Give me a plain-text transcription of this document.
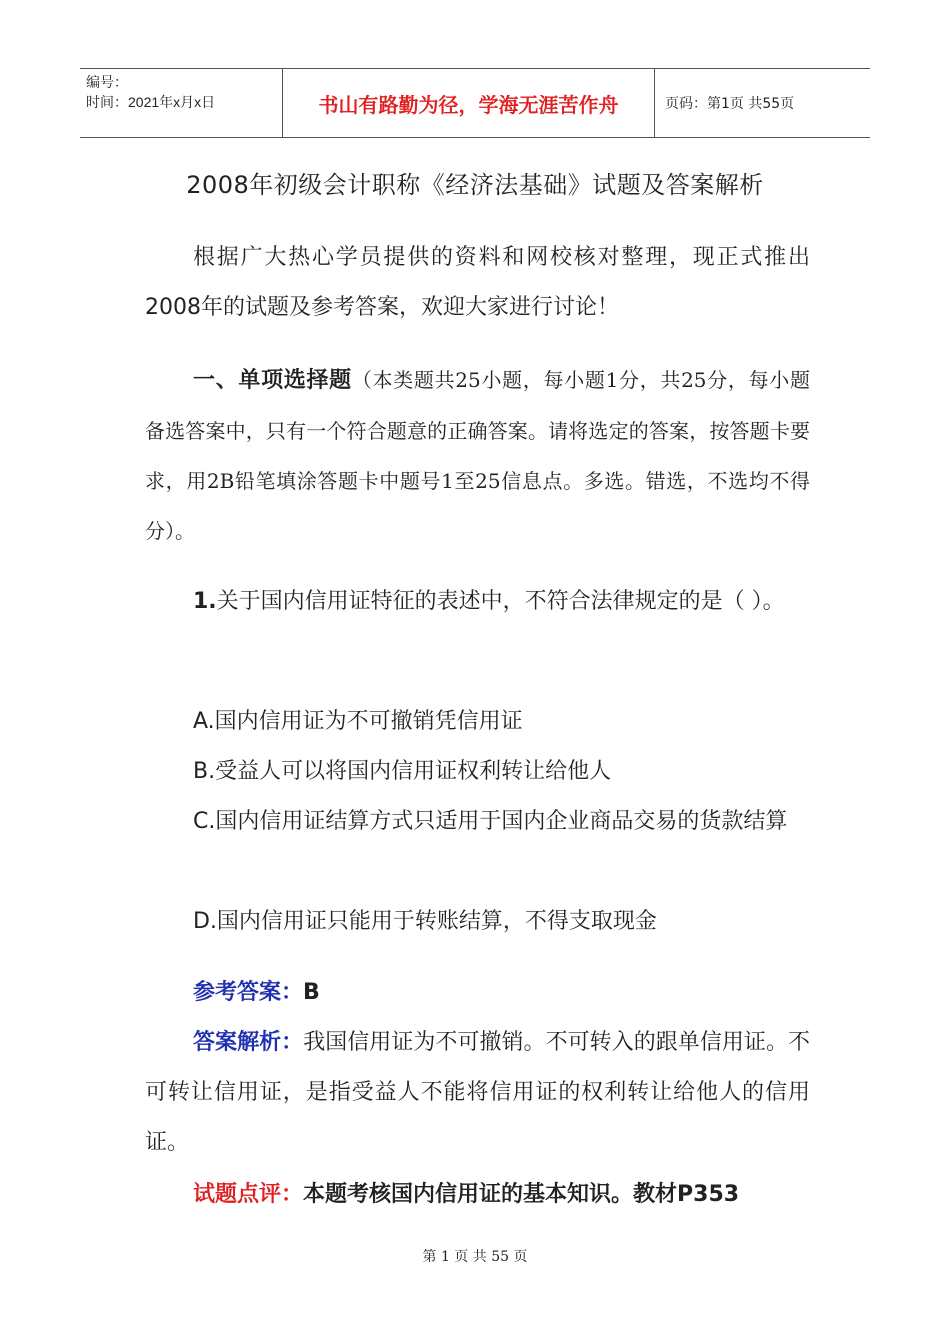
编号：
时间：2021年x月x日	书山有路勤为径，学海无涯苦作舟	页码：第1页 共55页
2008年初级会计职称《经济法基础》试题及答案解析
根据广大热心学员提供的资料和网校核对整理，现正式推出2008年的试题及参考答案，欢迎大家进行讨论！
一、单项选择题（本类题共25小题，每小题1分，共25分，每小题备选答案中，只有一个符合题意的正确答案。请将选定的答案，按答题卡要求，用2B铅笔填涂答题卡中题号1至25信息点。多选。错选，不选均不得分）。
1.关于国内信用证特征的表述中，不符合法律规定的是（ ）。
A.国内信用证为不可撤销凭信用证
B.受益人可以将国内信用证权利转让给他人
C.国内信用证结算方式只适用于国内企业商品交易的货款结算
D.国内信用证只能用于转账结算，不得支取现金
参考答案：B
答案解析：我国信用证为不可撤销。不可转入的跟单信用证。不可转让信用证，是指受益人不能将信用证的权利转让给他人的信用证。
试题点评：本题考核国内信用证的基本知识。教材P353
第 1 页 共 55 页
